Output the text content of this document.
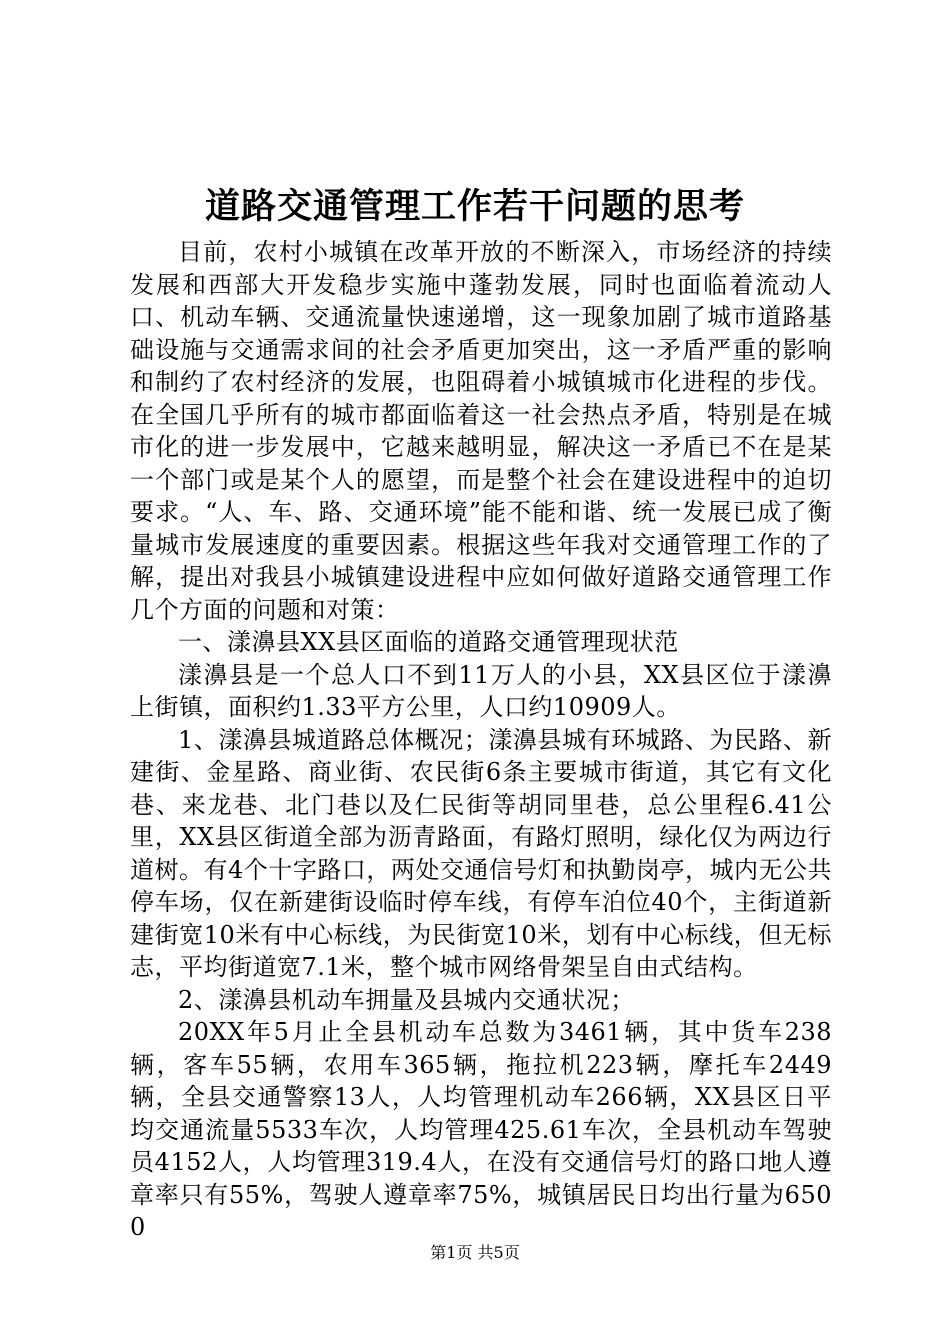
道路交通管理工作若干问题的思考

目前，农村小城镇在改革开放的不断深入，市场经济的持续发展和西部大开发稳步实施中蓬勃发展，同时也面临着流动人口、机动车辆、交通流量快速递增，这一现象加剧了城市道路基础设施与交通需求间的社会矛盾更加突出，这一矛盾严重的影响和制约了农村经济的发展，也阻碍着小城镇城市化进程的步伐。在全国几乎所有的城市都面临着这一社会热点矛盾，特别是在城市化的进一步发展中，它越来越明显，解决这一矛盾已不在是某一个部门或是某个人的愿望，而是整个社会在建设进程中的迫切要求。“人、车、路、交通环境”能不能和谐、统一发展已成了衡量城市发展速度的重要因素。根据这些年我对交通管理工作的了解，提出对我县小城镇建设进程中应如何做好道路交通管理工作几个方面的问题和对策：

一、漾濞县XX县区面临的道路交通管理现状范

漾濞县是一个总人口不到11万人的小县，XX县区位于漾濞上街镇，面积约1.33平方公里，人口约10909人。

1、漾濞县城道路总体概况；漾濞县城有环城路、为民路、新建街、金星路、商业街、农民街6条主要城市街道，其它有文化巷、来龙巷、北门巷以及仁民街等胡同里巷，总公里程6.41公里，XX县区街道全部为沥青路面，有路灯照明，绿化仅为两边行道树。有4个十字路口，两处交通信号灯和执勤岗亭，城内无公共停车场，仅在新建街设临时停车线，有停车泊位40个，主街道新建街宽10米有中心标线，为民街宽10米，划有中心标线，但无标志，平均街道宽7.1米，整个城市网络骨架呈自由式结构。

2、漾濞县机动车拥量及县城内交通状况；

20XX年5月止全县机动车总数为3461辆，其中货车238辆，客车55辆，农用车365辆，拖拉机223辆，摩托车2449辆，全县交通警察13人，人均管理机动车266辆，XX县区日平均交通流量5533车次，人均管理425.61车次，全县机动车驾驶员4152人，人均管理319.4人，在没有交通信号灯的路口地人遵章率只有55%，驾驶人遵章率75%，城镇居民日均出行量为6500

第1页 共5页
